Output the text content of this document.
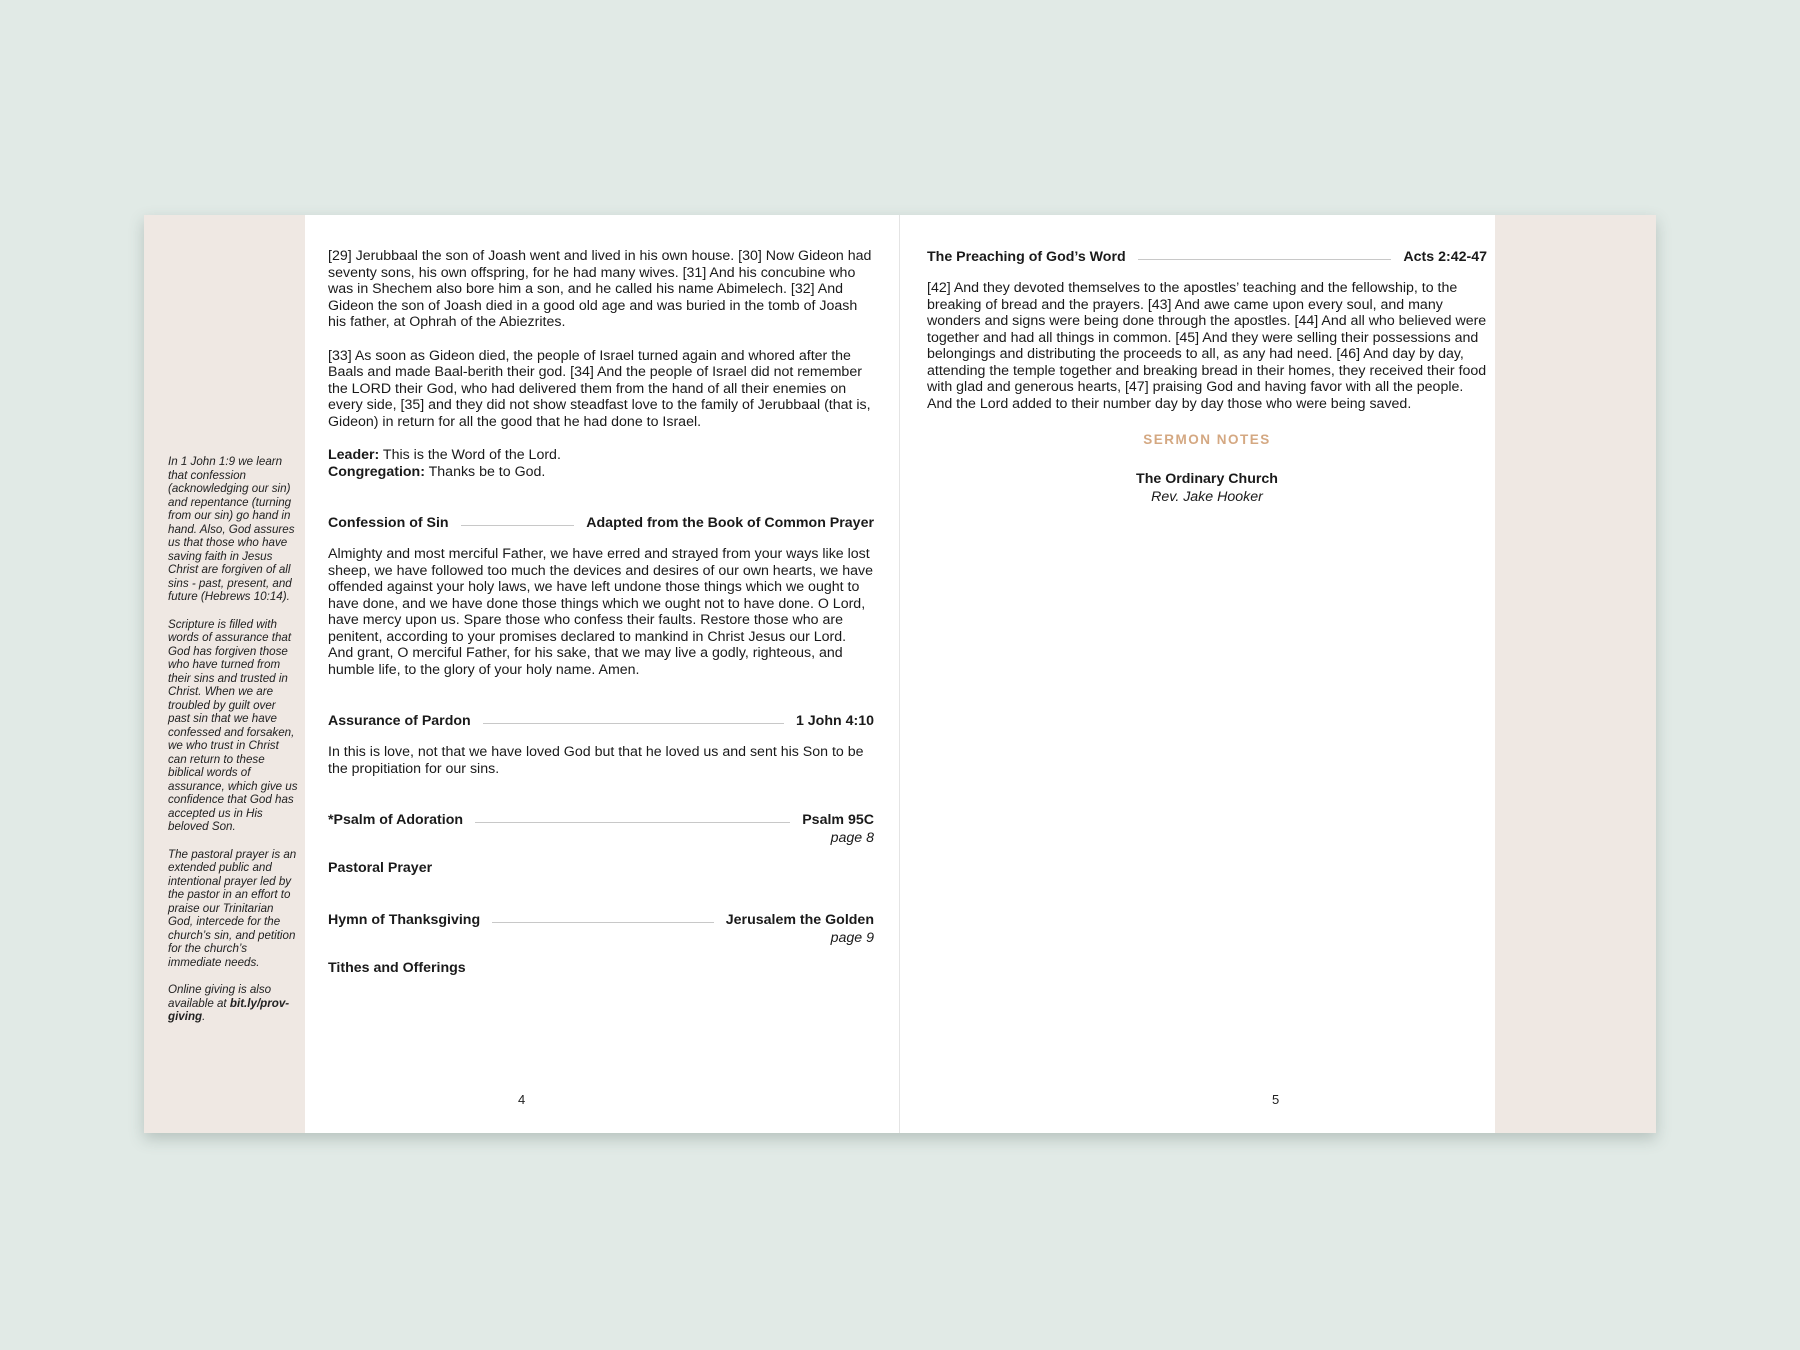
In 1 John 1:9 we learn that confession (acknowledging our sin) and repentance (turning from our sin) go hand in hand. Also, God assures us that those who have saving faith in Jesus Christ are forgiven of all sins - past, present, and future (Hebrews 10:14).

Scripture is filled with words of assurance that God has forgiven those who have turned from their sins and trusted in Christ. When we are troubled by guilt over past sin that we have confessed and forsaken, we who trust in Christ can return to these biblical words of assurance, which give us confidence that God has accepted us in His beloved Son.

The pastoral prayer is an extended public and intentional prayer led by the pastor in an effort to praise our Trinitarian God, intercede for the church’s sin, and petition for the church’s immediate needs.

Online giving is also available at bit.ly/prov-giving.

[29] Jerubbaal the son of Joash went and lived in his own house. [30] Now Gideon had seventy sons, his own offspring, for he had many wives. [31] And his concubine who was in Shechem also bore him a son, and he called his name Abimelech. [32] And Gideon the son of Joash died in a good old age and was buried in the tomb of Joash his father, at Ophrah of the Abiezrites.

[33] As soon as Gideon died, the people of Israel turned again and whored after the Baals and made Baal-berith their god. [34] And the people of Israel did not remember the LORD their God, who had delivered them from the hand of all their enemies on every side, [35] and they did not show steadfast love to the family of Jerubbaal (that is, Gideon) in return for all the good that he had done to Israel.

Leader: This is the Word of the Lord.

Congregation: Thanks be to God.

Confession of Sin	Adapted from the Book of Common Prayer

Almighty and most merciful Father, we have erred and strayed from your ways like lost sheep, we have followed too much the devices and desires of our own hearts, we have offended against your holy laws, we have left undone those things which we ought to have done, and we have done those things which we ought not to have done. O Lord, have mercy upon us. Spare those who confess their faults. Restore those who are penitent, according to your promises declared to mankind in Christ Jesus our Lord. And grant, O merciful Father, for his sake, that we may live a godly, righteous, and humble life, to the glory of your holy name. Amen.

Assurance of Pardon	1 John 4:10

In this is love, not that we have loved God but that he loved us and sent his Son to be the propitiation for our sins.

*Psalm of Adoration	Psalm 95C
page 8
Pastoral Prayer
Hymn of Thanksgiving	Jerusalem the Golden
page 9
Tithes and Offerings
4
The Preaching of God’s Word	Acts 2:42-47

[42] And they devoted themselves to the apostles’ teaching and the fellowship, to the breaking of bread and the prayers. [43] And awe came upon every soul, and many wonders and signs were being done through the apostles. [44] And all who believed were together and had all things in common. [45] And they were selling their possessions and belongings and distributing the proceeds to all, as any had need. [46] And day by day, attending the temple together and breaking bread in their homes, they received their food with glad and generous hearts, [47] praising God and having favor with all the people. And the Lord added to their number day by day those who were being saved.

SERMON NOTES
The Ordinary Church
Rev. Jake Hooker
5
